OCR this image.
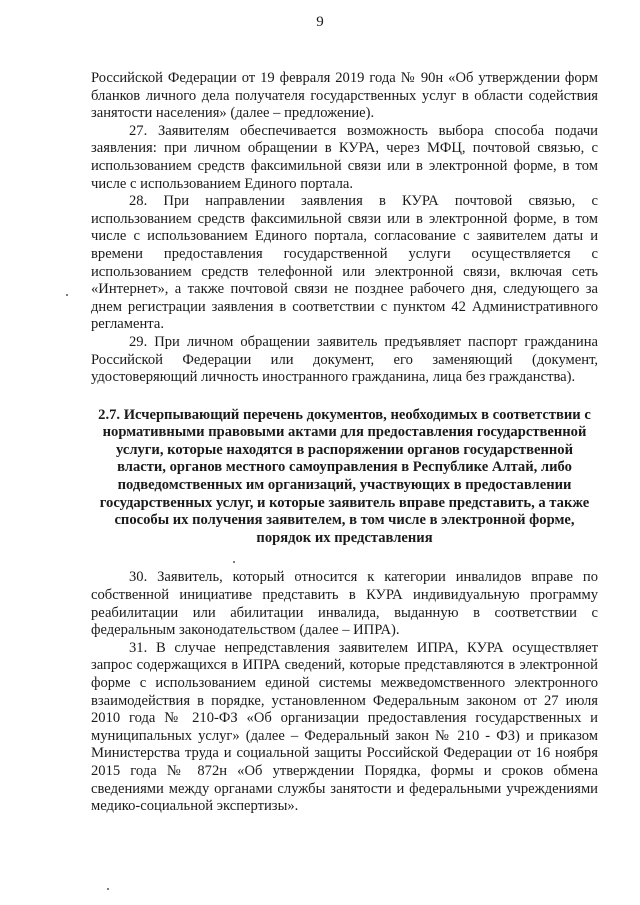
9

Российской Федерации от 19 февраля 2019 года № 90н «Об утверждении форм бланков личного дела получателя государственных услуг в области содействия занятости населения» (далее – предложение).

27. Заявителям обеспечивается возможность выбора способа подачи заявления: при личном обращении в КУРА, через МФЦ, почтовой связью, с использованием средств факсимильной связи или в электронной форме, в том числе с использованием Единого портала.

28. При направлении заявления в КУРА почтовой связью, с использованием средств факсимильной связи или в электронной форме, в том числе с использованием Единого портала, согласование с заявителем даты и времени предоставления государственной услуги осуществляется с использованием средств телефонной или электронной связи, включая сеть «Интернет», а также почтовой связи не позднее рабочего дня, следующего за днем регистрации заявления в соответствии с пунктом 42 Административного регламента.

29. При личном обращении заявитель предъявляет паспорт гражданина Российской Федерации или документ, его заменяющий (документ, удостоверяющий личность иностранного гражданина, лица без гражданства).

2.7. Исчерпывающий перечень документов, необходимых в соответствии с нормативными правовыми актами для предоставления государственной услуги, которые находятся в распоряжении органов государственной власти, органов местного самоуправления в Республике Алтай, либо подведомственных им организаций, участвующих в предоставлении государственных услуг, и которые заявитель вправе представить, а также способы их получения заявителем, в том числе в электронной форме, порядок их представления

30. Заявитель, который относится к категории инвалидов вправе по собственной инициативе представить в КУРА индивидуальную программу реабилитации или абилитации инвалида, выданную в соответствии с федеральным законодательством (далее – ИПРА).

31. В случае непредставления заявителем ИПРА, КУРА осуществляет запрос содержащихся в ИПРА сведений, которые представляются в электронной форме с использованием единой системы межведомственного электронного взаимодействия в порядке, установленном Федеральным законом от 27 июля 2010 года № 210-ФЗ «Об организации предоставления государственных и муниципальных услуг» (далее – Федеральный закон № 210 - ФЗ) и приказом Министерства труда и социальной защиты Российской Федерации от 16 ноября 2015 года № 872н «Об утверждении Порядка, формы и сроков обмена сведениями между органами службы занятости и федеральными учреждениями медико-социальной экспертизы».
